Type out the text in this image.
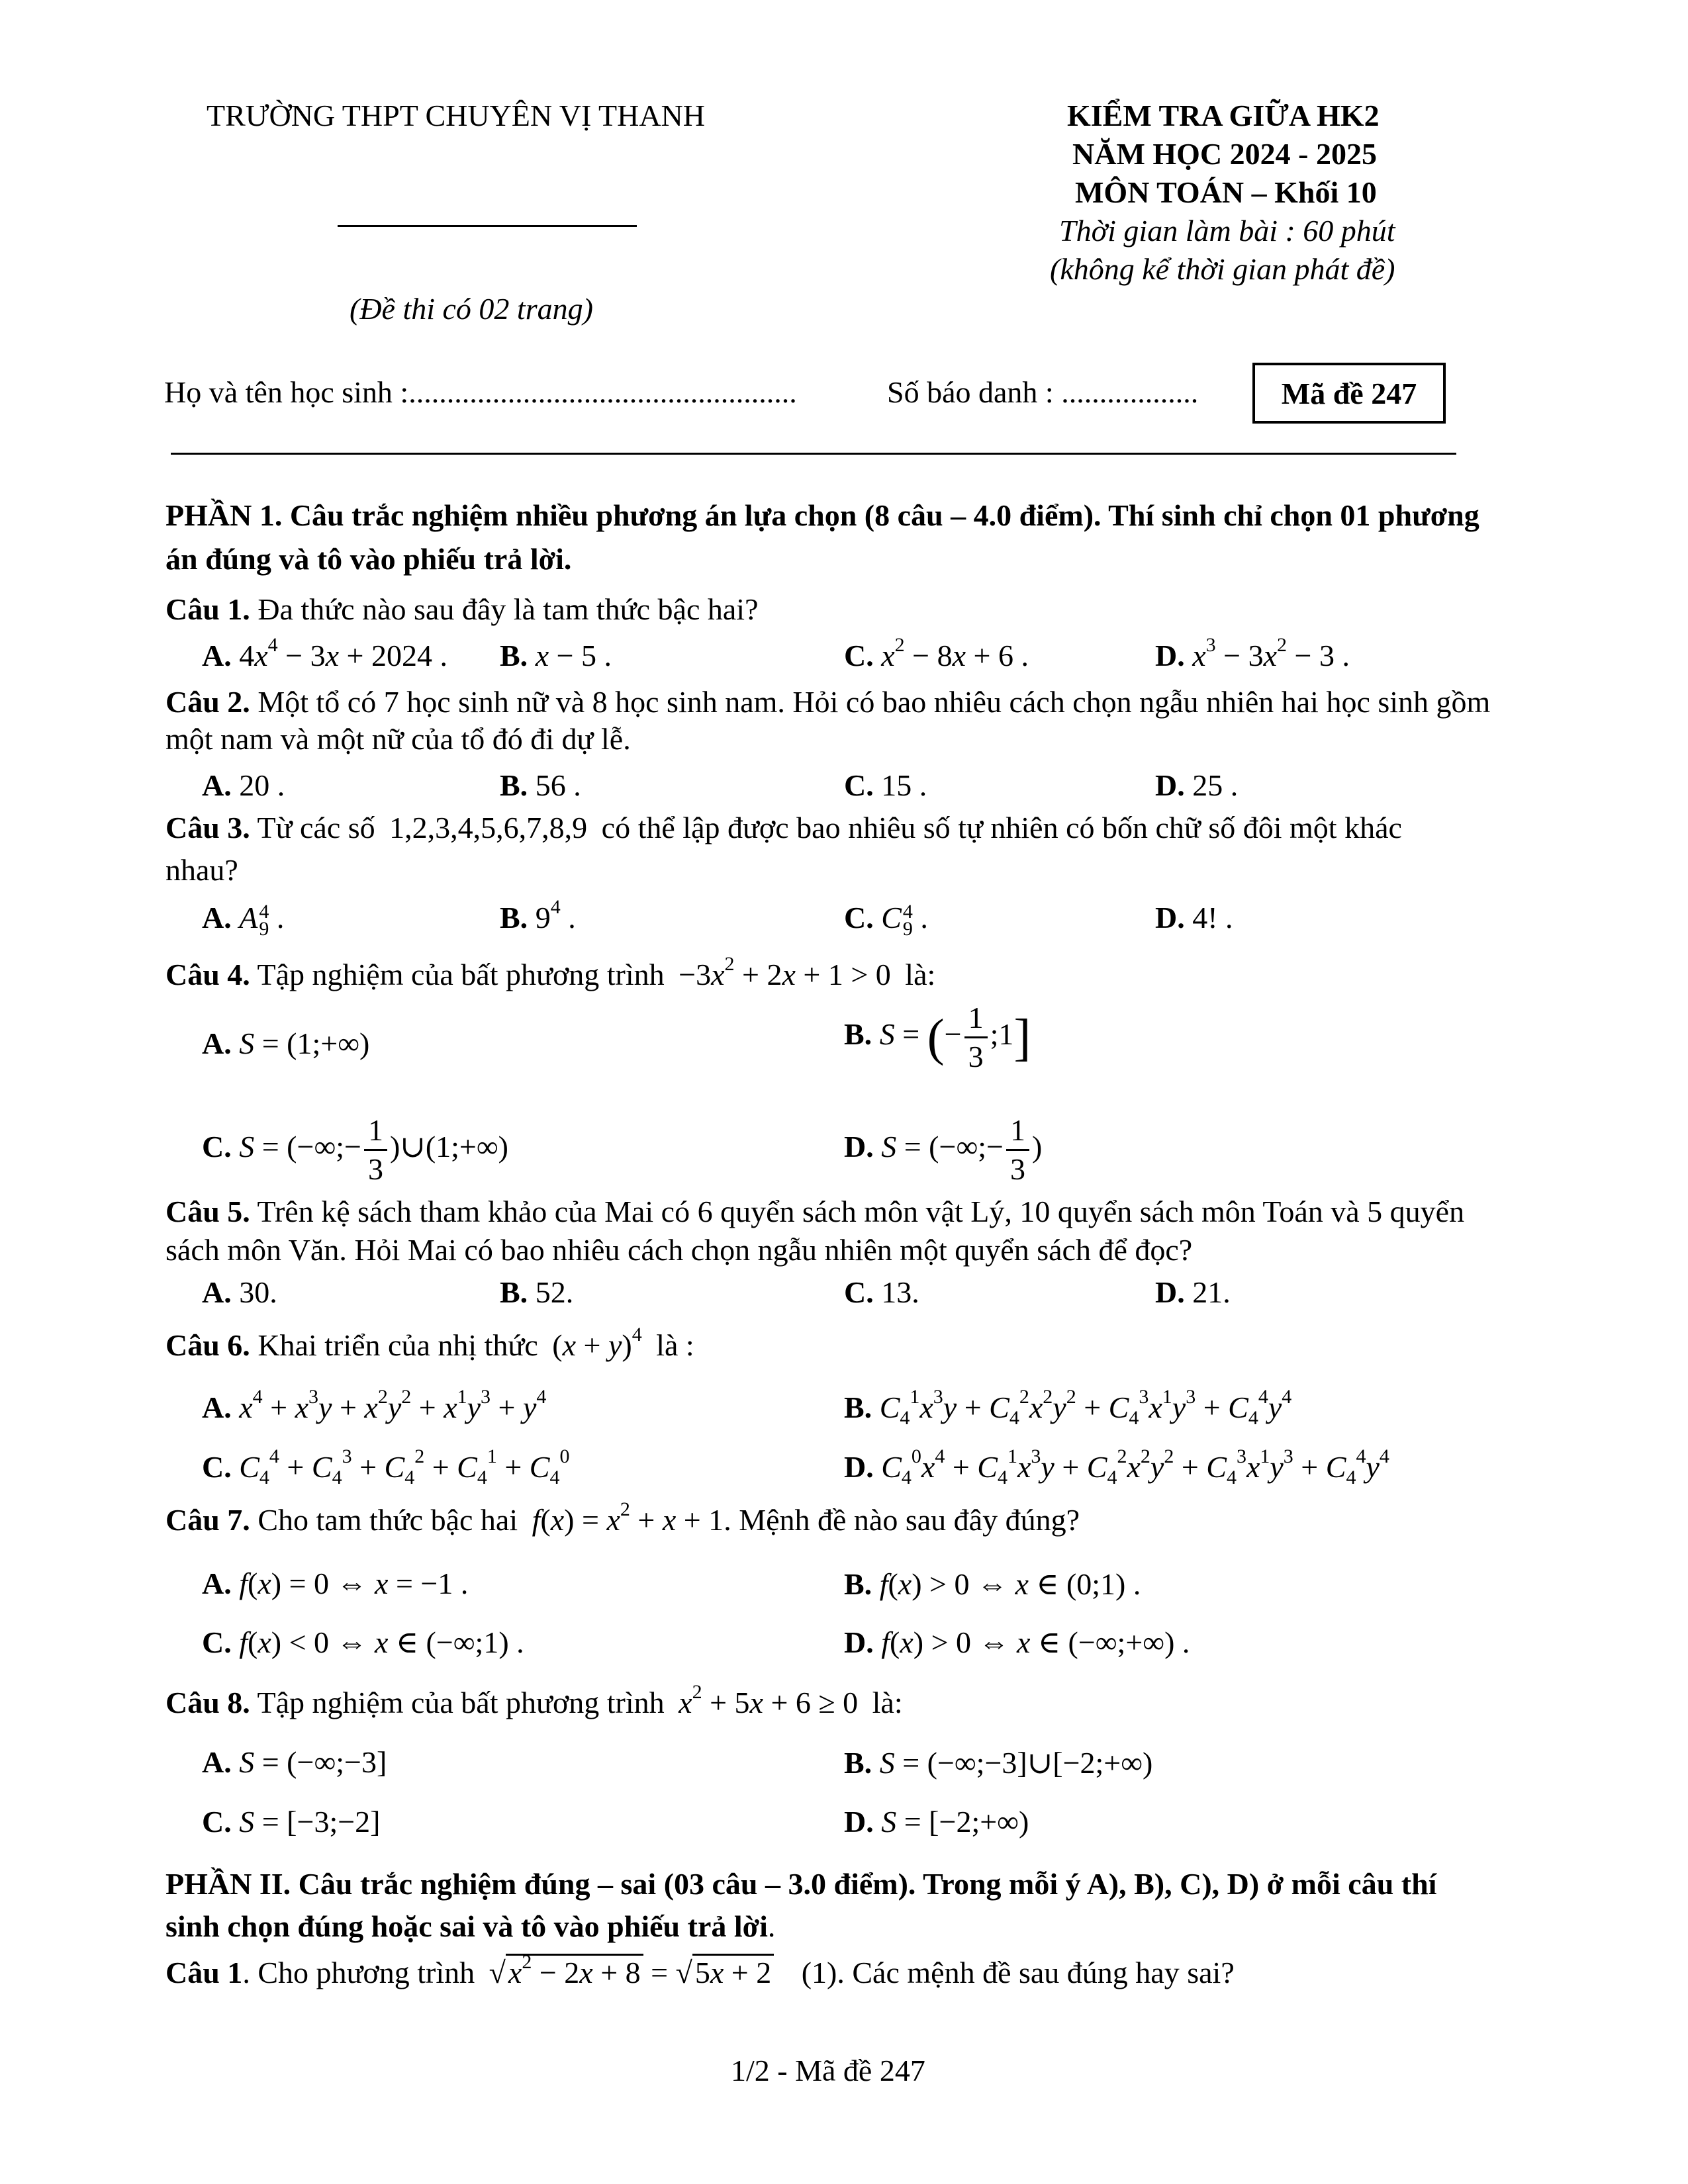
TRƯỜNG THPT CHUYÊN VỊ THANH	KIỂM TRA GIỮA HK2
NĂM HỌC 2024 - 2025
MÔN TOÁN – Khối 10
Thời gian làm bài : 60 phút
(không kể thời gian phát đề)
(Đề thi có 02 trang)
Họ và tên học sinh :...................................................	Số báo danh : ..................	Mã đề 247
PHẦN 1. Câu trắc nghiệm nhiều phương án lựa chọn (8 câu – 4.0 điểm). Thí sinh chỉ chọn 01 phương
án đúng và tô vào phiếu trả lời.
Câu 1. Đa thức nào sau đây là tam thức bậc hai?
A. $4x^4 - 3x + 2024$ . B. x − 5 .	C. $x^2 - 8x + 6$ .	D. $x^3 - 3x^2 - 3$ .
Câu 2. Một tổ có 7 học sinh nữ và 8 học sinh nam. Hỏi có bao nhiêu cách chọn ngẫu nhiên hai học sinh gồm
một nam và một nữ của tổ đó đi dự lễ.
A. 20 .	B. 56 .	C. 15 .	D. 25 .
Câu 3. Từ các số 1,2,3,4,5,6,7,8,9 có thể lập được bao nhiêu số tự nhiên có bốn chữ số đôi một khác
nhau?
A. A4
9 .	B. $9^4$ .	C. C4
9 .	D. 4! .
Câu 4. Tập nghiệm của bất phương trình $-3x^2 + 2x + 1 > 0$ là:
A. S = (1;+∞)	B. S = (− $\frac{1}{3}$ ;1]
C. S = (−∞;− $\frac{1}{3}$ )∪(1;+∞)	D. S = (−∞;− $\frac{1}{3}$ )
Câu 5. Trên kệ sách tham khảo của Mai có 6 quyển sách môn vật Lý, 10 quyển sách môn Toán và 5 quyển
sách môn Văn. Hỏi Mai có bao nhiêu cách chọn ngẫu nhiên một quyển sách để đọc?
A. 30.	B. 52.	C. 13.	D. 21.
Câu 6. Khai triển của nhị thức $(x + y)^4$ là :
A. $x^4 + x^3y + x^2y^2 + x^1y^3 + y^4$	B. $C_4^1x^3y + C_4^2x^2y^2 + C_4^3x^1y^3 + C_4^4y^4$
C. $C_4^4 + C_4^3 + C_4^2 + C_4^1 + C_4^0$	D. $C_4^0x^4 + C_4^1x^3y + C_4^2x^2y^2 + C_4^3x^1y^3 + C_4^4y^4$
Câu 7. Cho tam thức bậc hai $f(x) = x^2 + x + 1$. Mệnh đề nào sau đây đúng?
A. f(x) = 0 ⇔ x = −1 .	B. f(x) > 0 ⇔ x ∈ (0;1) .
C. f(x) < 0 ⇔ x ∈ (−∞;1) .	D. f(x) > 0 ⇔ x ∈ (−∞;+∞) .
Câu 8. Tập nghiệm của bất phương trình $x^2 + 5x + 6 \ge 0$ là:
A. S = (−∞;−3]	B. S = (−∞;−3]∪[−2;+∞)
C. S = [−3;−2]	D. S = [−2;+∞)
PHẦN II. Câu trắc nghiệm đúng – sai (03 câu – 3.0 điểm). Trong mỗi ý A), B), C), D) ở mỗi câu thí
sinh chọn đúng hoặc sai và tô vào phiếu trả lời.
Câu 1. Cho phương trình $√x^2 - 2x + 8 = √5x + 2$ (1). Các mệnh đề sau đúng hay sai?
1/2 - Mã đề 247
